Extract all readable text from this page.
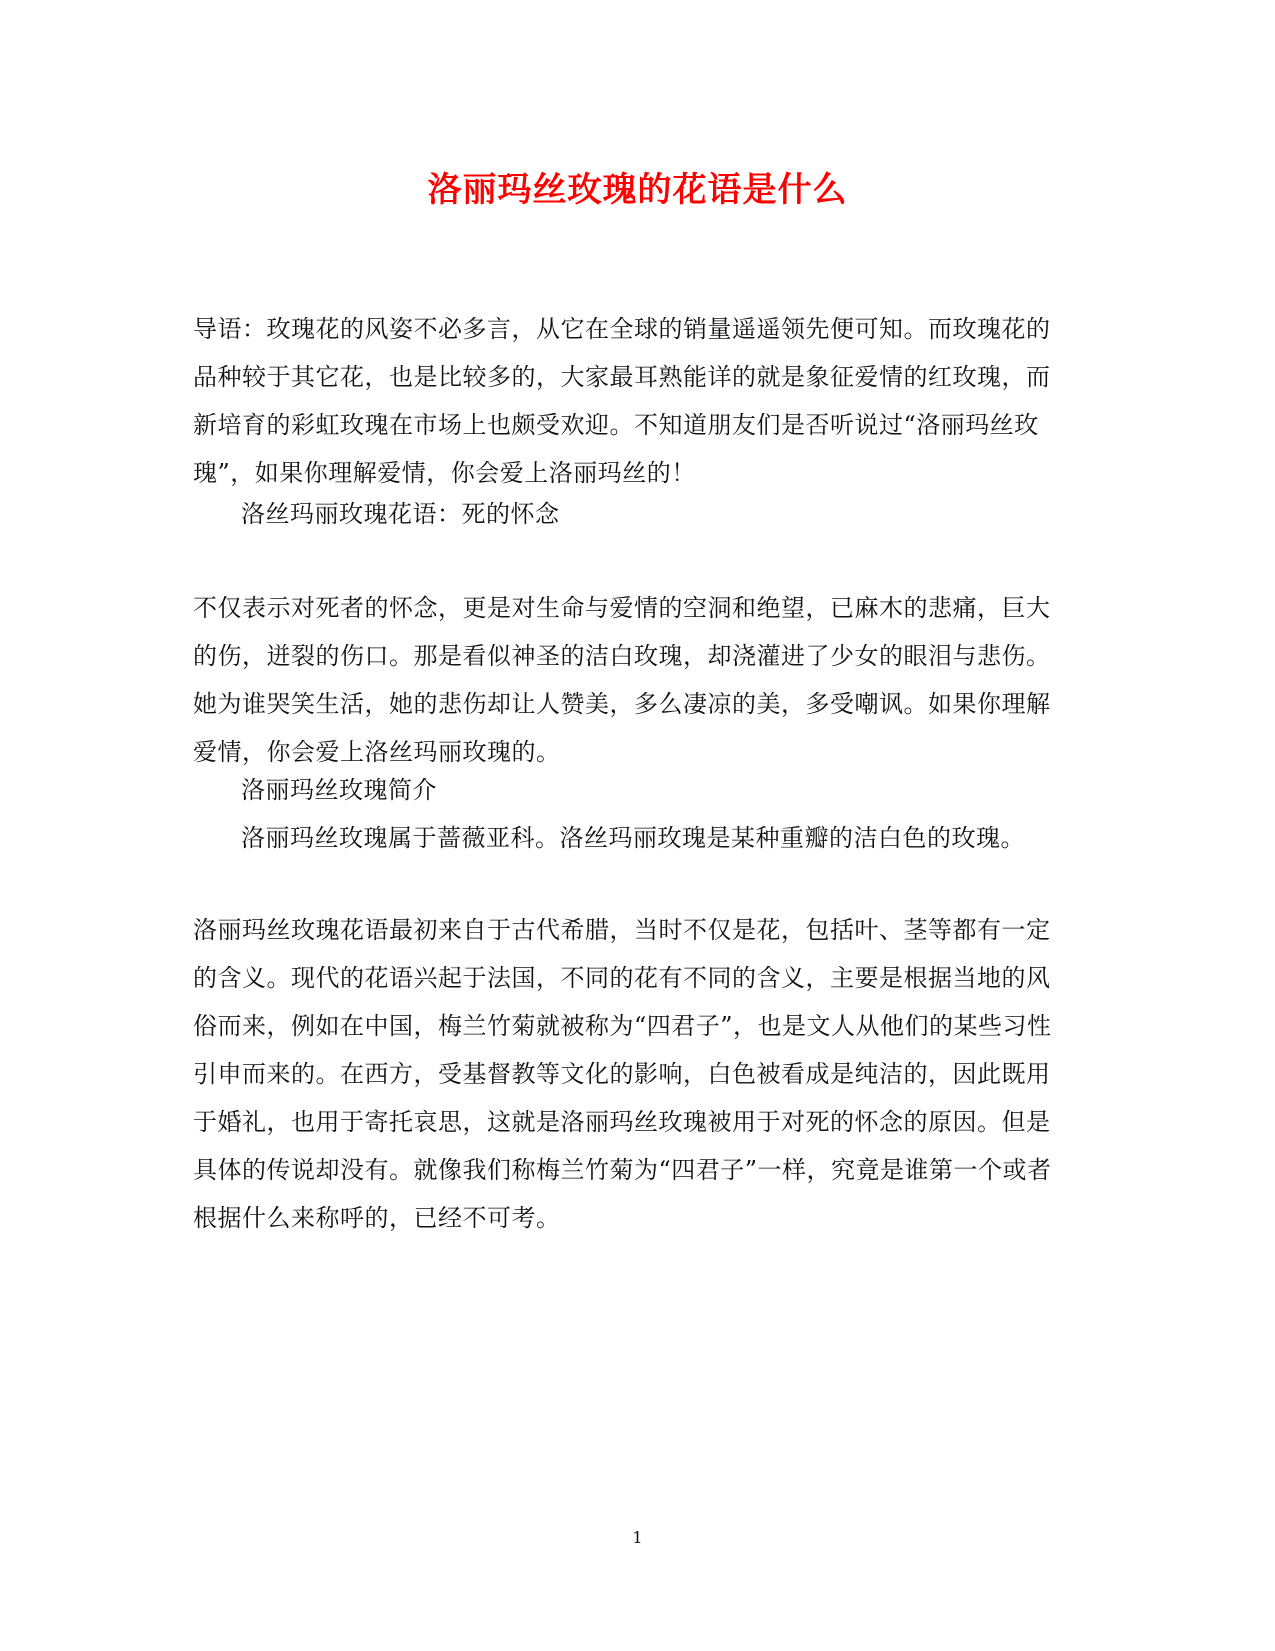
洛丽玛丝玫瑰的花语是什么

导语：玫瑰花的风姿不必多言，从它在全球的销量遥遥领先便可知。而玫瑰花的品种较于其它花，也是比较多的，大家最耳熟能详的就是象征爱情的红玫瑰，而新培育的彩虹玫瑰在市场上也颇受欢迎。不知道朋友们是否听说过“洛丽玛丝玫瑰”，如果你理解爱情，你会爱上洛丽玛丝的！

洛丝玛丽玫瑰花语：死的怀念

不仅表示对死者的怀念，更是对生命与爱情的空洞和绝望，已麻木的悲痛，巨大的伤，迸裂的伤口。那是看似神圣的洁白玫瑰，却浇灌进了少女的眼泪与悲伤。她为谁哭笑生活，她的悲伤却让人赞美，多么凄凉的美，多受嘲讽。如果你理解爱情，你会爱上洛丝玛丽玫瑰的。

洛丽玛丝玫瑰简介

洛丽玛丝玫瑰属于蔷薇亚科。洛丝玛丽玫瑰是某种重瓣的洁白色的玫瑰。

洛丽玛丝玫瑰花语最初来自于古代希腊，当时不仅是花，包括叶、茎等都有一定的含义。现代的花语兴起于法国，不同的花有不同的含义，主要是根据当地的风俗而来，例如在中国，梅兰竹菊就被称为“四君子”，也是文人从他们的某些习性引申而来的。在西方，受基督教等文化的影响，白色被看成是纯洁的，因此既用于婚礼，也用于寄托哀思，这就是洛丽玛丝玫瑰被用于对死的怀念的原因。但是具体的传说却没有。就像我们称梅兰竹菊为“四君子”一样，究竟是谁第一个或者根据什么来称呼的，已经不可考。

1
